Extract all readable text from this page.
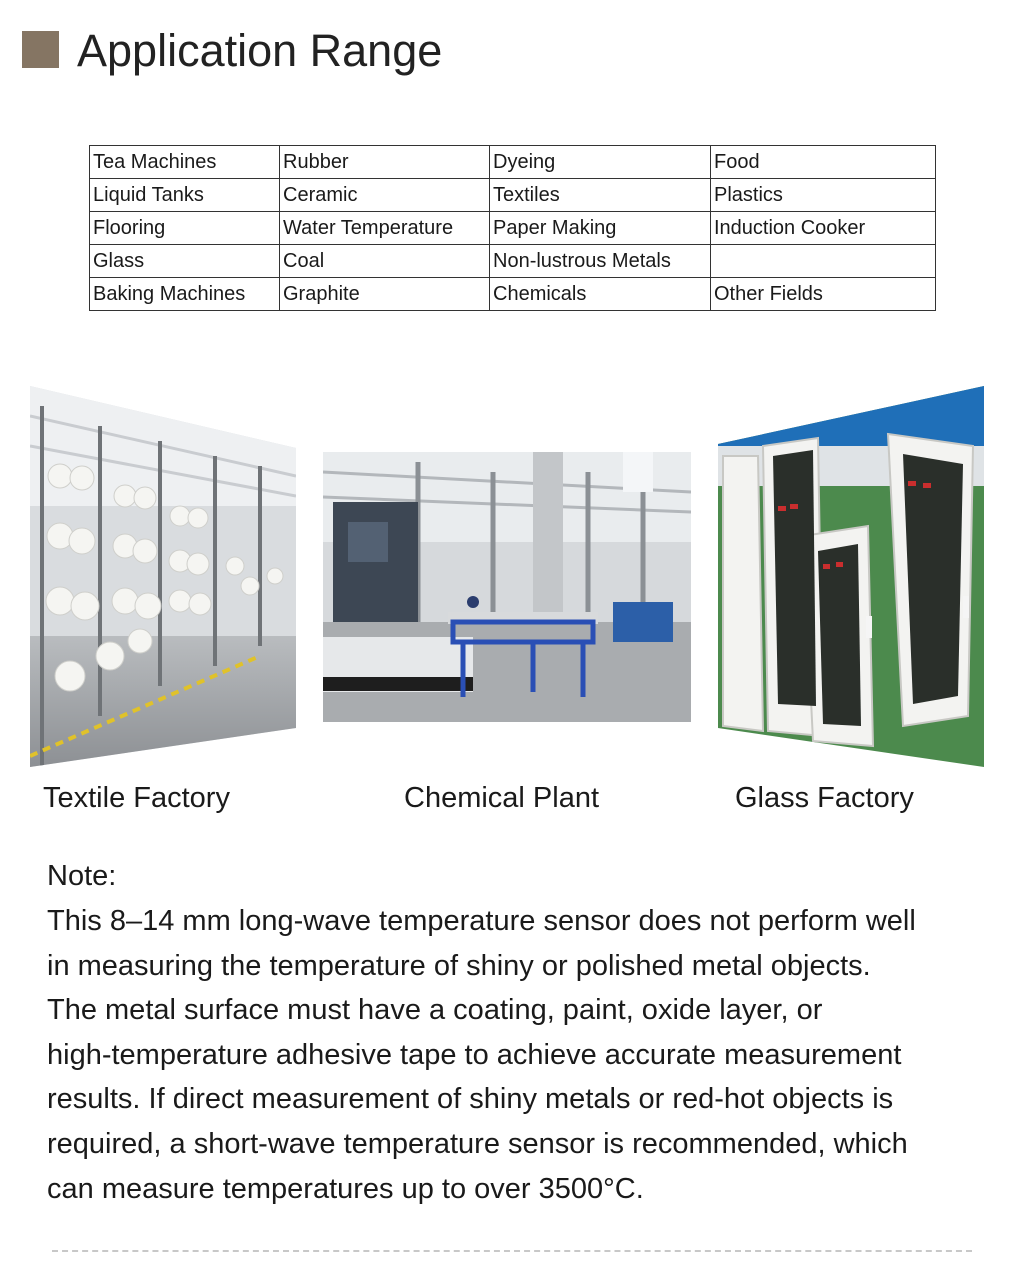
Application Range
Tea Machines	Rubber	Dyeing	Food
Liquid Tanks	Ceramic	Textiles	Plastics
Flooring	Water Temperature	Paper Making	Induction Cooker
Glass	Coal	Non-lustrous Metals	
Baking Machines	Graphite	Chemicals	Other Fields
Textile Factory	Chemical Plant	Glass Factory
Note:
This 8–14 mm long-wave temperature sensor does not perform well
in measuring the temperature of shiny or polished metal objects.
The metal surface must have a coating, paint, oxide layer, or
high-temperature adhesive tape to achieve accurate measurement
results. If direct measurement of shiny metals or red-hot objects is
required, a short-wave temperature sensor is recommended, which
can measure temperatures up to over 3500°C.
